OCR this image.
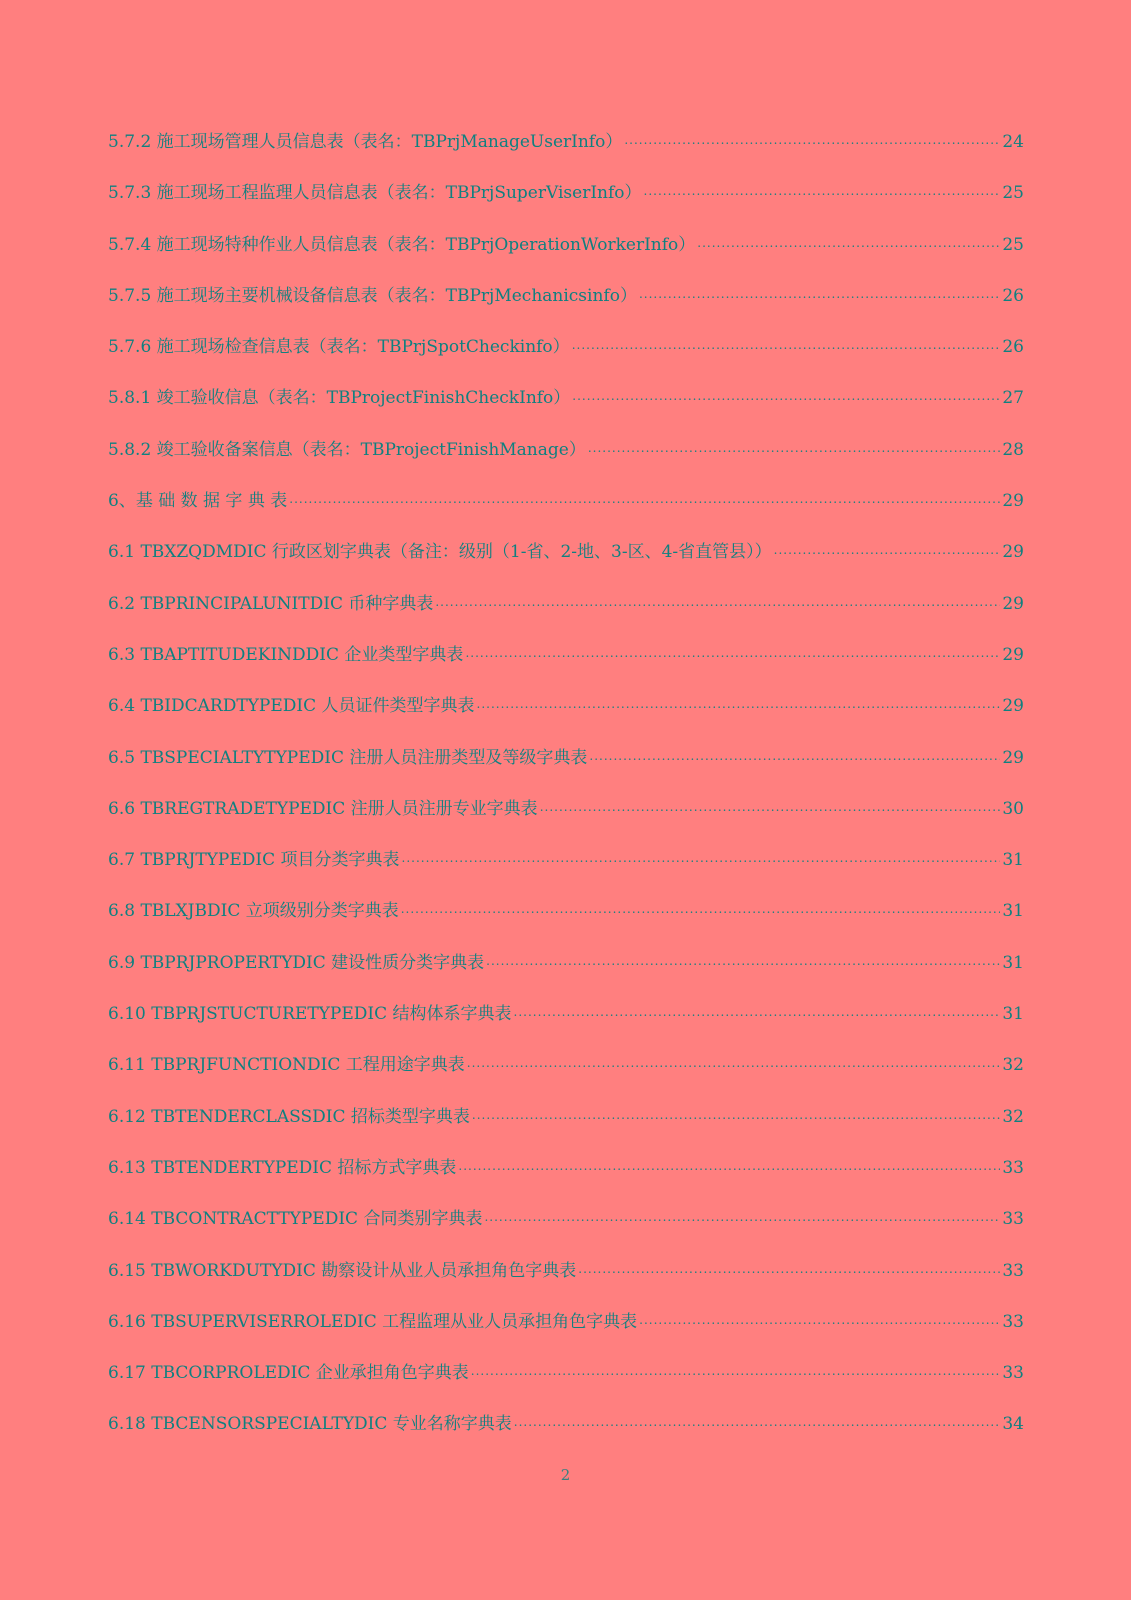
5.7.2 施工现场管理人员信息表（表名：TBPrjManageUserInfo） .....	24
5.7.3 施工现场工程监理人员信息表（表名：TBPrjSuperViserInfo） .....	25
5.7.4 施工现场特种作业人员信息表（表名：TBPrjOperationWorkerInfo） .....	25
5.7.5 施工现场主要机械设备信息表（表名：TBPrjMechanicsinfo） .....	26
5.7.6 施工现场检查信息表（表名：TBPrjSpotCheckinfo） .....	26
5.8.1 竣工验收信息（表名：TBProjectFinishCheckInfo） .....	27
5.8.2 竣工验收备案信息（表名：TBProjectFinishManage） .....	28
6、基 础 数 据 字 典 表 .....	29
6.1 TBXZQDMDIC 行政区划字典表（备注：级别（1-省、2-地、3-区、4-省直管县）） .....	29
6.2 TBPRINCIPALUNITDIC 币种字典表 .....	29
6.3 TBAPTITUDEKINDDIC 企业类型字典表 .....	29
6.4 TBIDCARDTYPEDIC 人员证件类型字典表 .....	29
6.5 TBSPECIALTYTYPEDIC 注册人员注册类型及等级字典表 .....	29
6.6 TBREGTRADETYPEDIC 注册人员注册专业字典表 .....	30
6.7 TBPRJTYPEDIC 项目分类字典表 .....	31
6.8 TBLXJBDIC 立项级别分类字典表 .....	31
6.9 TBPRJPROPERTYDIC 建设性质分类字典表 .....	31
6.10 TBPRJSTUCTURETYPEDIC 结构体系字典表 .....	31
6.11 TBPRJFUNCTIONDIC 工程用途字典表 .....	32
6.12 TBTENDERCLASSDIC 招标类型字典表 .....	32
6.13 TBTENDERTYPEDIC 招标方式字典表 .....	33
6.14 TBCONTRACTTYPEDIC 合同类别字典表 .....	33
6.15 TBWORKDUTYDIC 勘察设计从业人员承担角色字典表 .....	33
6.16 TBSUPERVISERROLEDIC 工程监理从业人员承担角色字典表 .....	33
6.17 TBCORPROLEDIC 企业承担角色字典表 .....	33
6.18 TBCENSORSPECIALTYDIC 专业名称字典表 .....	34
2
